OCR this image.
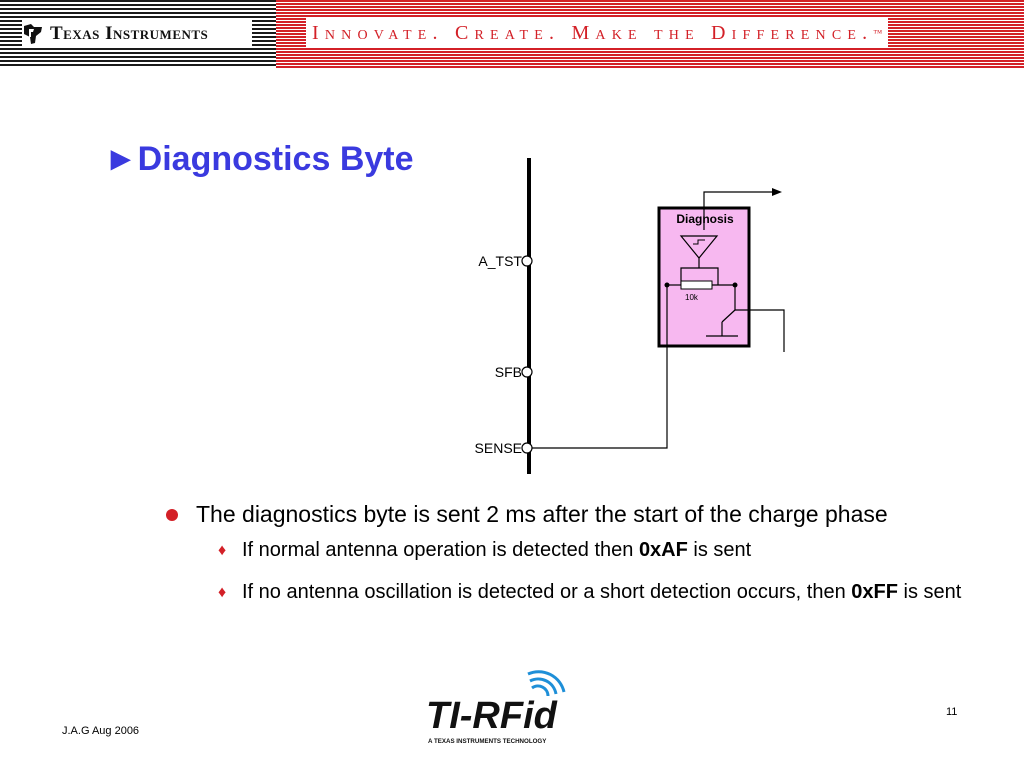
Texas Instruments	Innovate. Create. Make the Difference. ™
►Diagnostics Byte
A_TST
SFB
SENSE
Diagnosis
10k
The diagnostics byte is sent 2 ms after the start of the charge phase
♦ If normal antenna operation is detected then 0xAF is sent
♦ If no antenna oscillation is detected or a short detection occurs, then 0xFF is sent
J.A.G Aug 2006
11
TI-RFid
A TEXAS INSTRUMENTS TECHNOLOGY
